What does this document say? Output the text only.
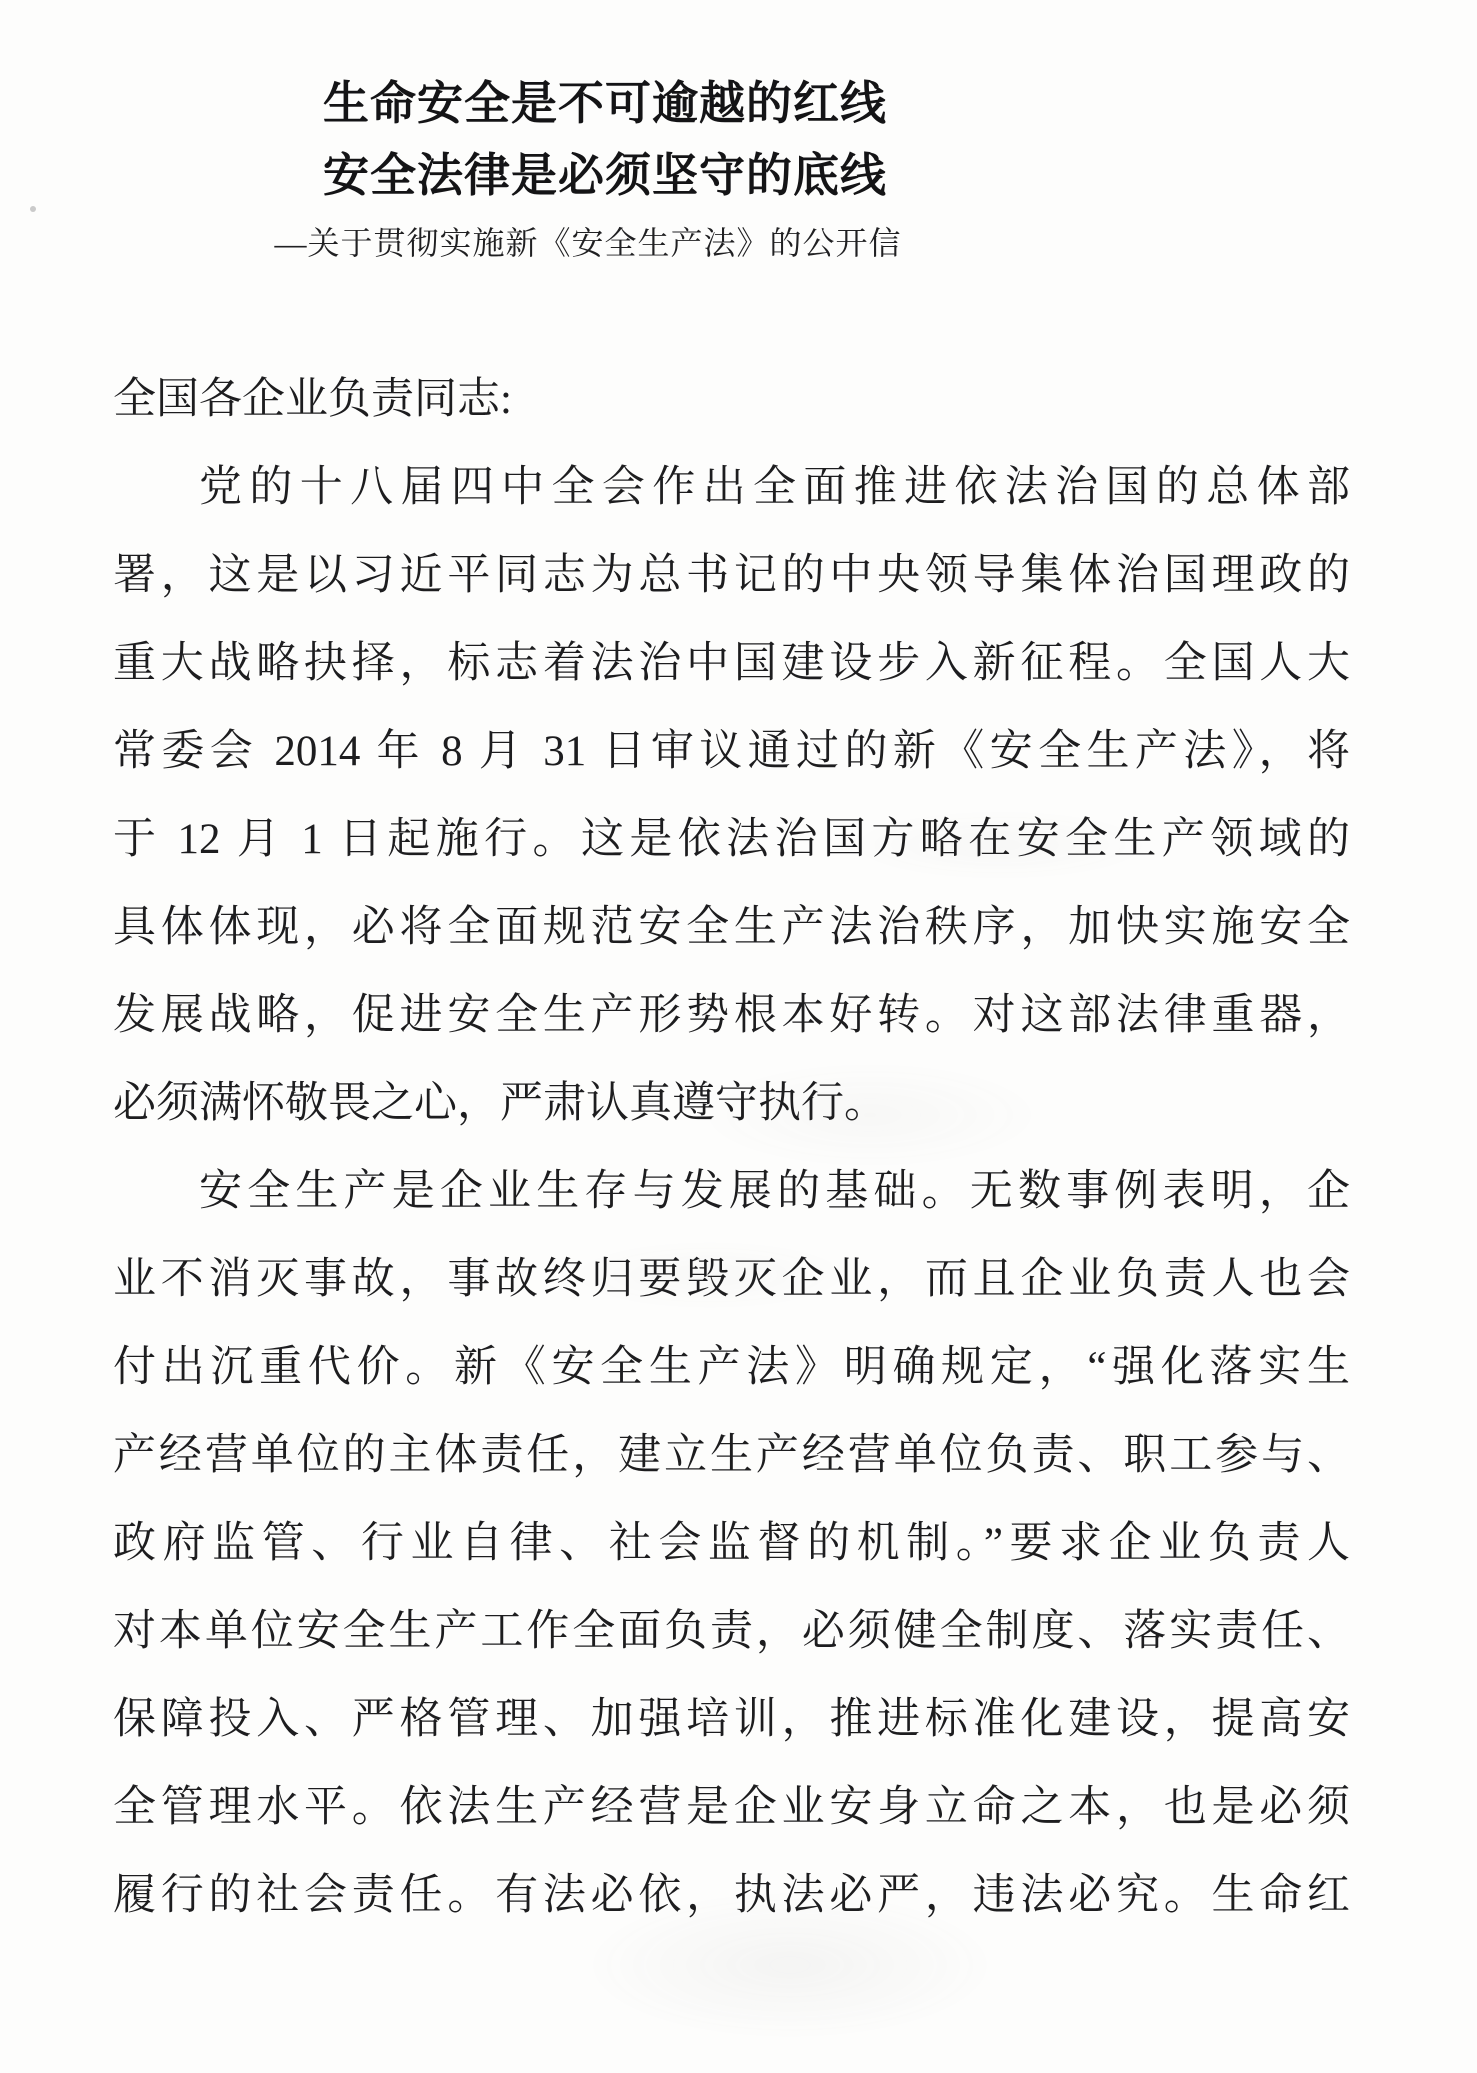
生命安全是不可逾越的红线
安全法律是必须坚守的底线
—关于贯彻实施新《安全生产法》的公开信
全国各企业负责同志:
党的十八届四中全会作出全面推进依法治国的总体部
署，这是以习近平同志为总书记的中央领导集体治国理政的
重大战略抉择，标志着法治中国建设步入新征程。全国人大
常委会 2014 年 8 月 31 日审议通过的新《安全生产法》，将
于 12 月 1 日起施行。这是依法治国方略在安全生产领域的
具体体现，必将全面规范安全生产法治秩序，加快实施安全
发展战略，促进安全生产形势根本好转。对这部法律重器，
必须满怀敬畏之心，严肃认真遵守执行。
安全生产是企业生存与发展的基础。无数事例表明，企
业不消灭事故，事故终归要毁灭企业，而且企业负责人也会
付出沉重代价。新《安全生产法》明确规定，“强化落实生
产经营单位的主体责任，建立生产经营单位负责、职工参与、
政府监管、行业自律、社会监督的机制。”要求企业负责人
对本单位安全生产工作全面负责，必须健全制度、落实责任、
保障投入、严格管理、加强培训，推进标准化建设，提高安
全管理水平。依法生产经营是企业安身立命之本，也是必须
履行的社会责任。有法必依，执法必严，违法必究。生命红
